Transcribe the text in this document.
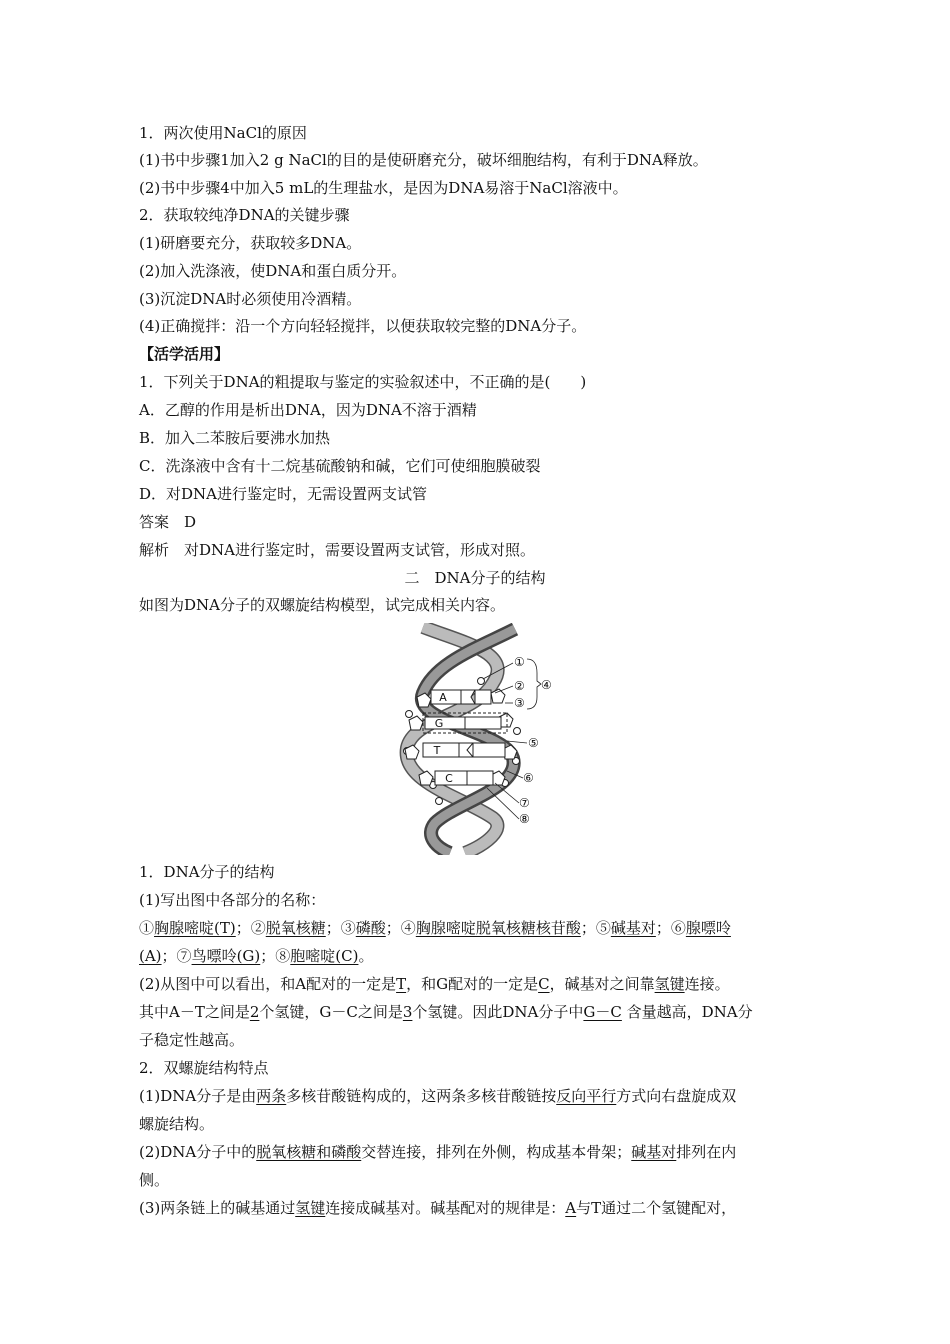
1．两次使用NaCl的原因
(1)书中步骤1加入2 g NaCl的目的是使研磨充分，破坏细胞结构，有利于DNA释放。
(2)书中步骤4中加入5 mL的生理盐水，是因为DNA易溶于NaCl溶液中。
2．获取较纯净DNA的关键步骤
(1)研磨要充分，获取较多DNA。
(2)加入洗涤液，使DNA和蛋白质分开。
(3)沉淀DNA时必须使用冷酒精。
(4)正确搅拌：沿一个方向轻轻搅拌，以便获取较完整的DNA分子。
【活学活用】
1．下列关于DNA的粗提取与鉴定的实验叙述中，不正确的是(　　)
A．乙醇的作用是析出DNA，因为DNA不溶于酒精
B．加入二苯胺后要沸水加热
C．洗涤液中含有十二烷基硫酸钠和碱，它们可使细胞膜破裂
D．对DNA进行鉴定时，无需设置两支试管
答案　D
解析　对DNA进行鉴定时，需要设置两支试管，形成对照。
二　DNA分子的结构
如图为DNA分子的双螺旋结构模型，试完成相关内容。
A
G
T
C
①
②
③
④
⑤
⑥
⑦
⑧
1．DNA分子的结构
(1)写出图中各部分的名称：
①胸腺嘧啶(T)；②脱氧核糖；③磷酸；④胸腺嘧啶脱氧核糖核苷酸；⑤碱基对；⑥腺嘌呤
(A)；⑦鸟嘌呤(G)；⑧胞嘧啶(C)。
(2)从图中可以看出，和A配对的一定是T，和G配对的一定是C，碱基对之间靠氢键连接。
其中A－T之间是2个氢键，G－C之间是3个氢键。因此DNA分子中G－C 含量越高，DNA分
子稳定性越高。
2．双螺旋结构特点
(1)DNA分子是由两条多核苷酸链构成的，这两条多核苷酸链按反向平行方式向右盘旋成双
螺旋结构。
(2)DNA分子中的脱氧核糖和磷酸交替连接，排列在外侧，构成基本骨架；碱基对排列在内
侧。
(3)两条链上的碱基通过氢键连接成碱基对。碱基配对的规律是：A与T通过二个氢键配对，
